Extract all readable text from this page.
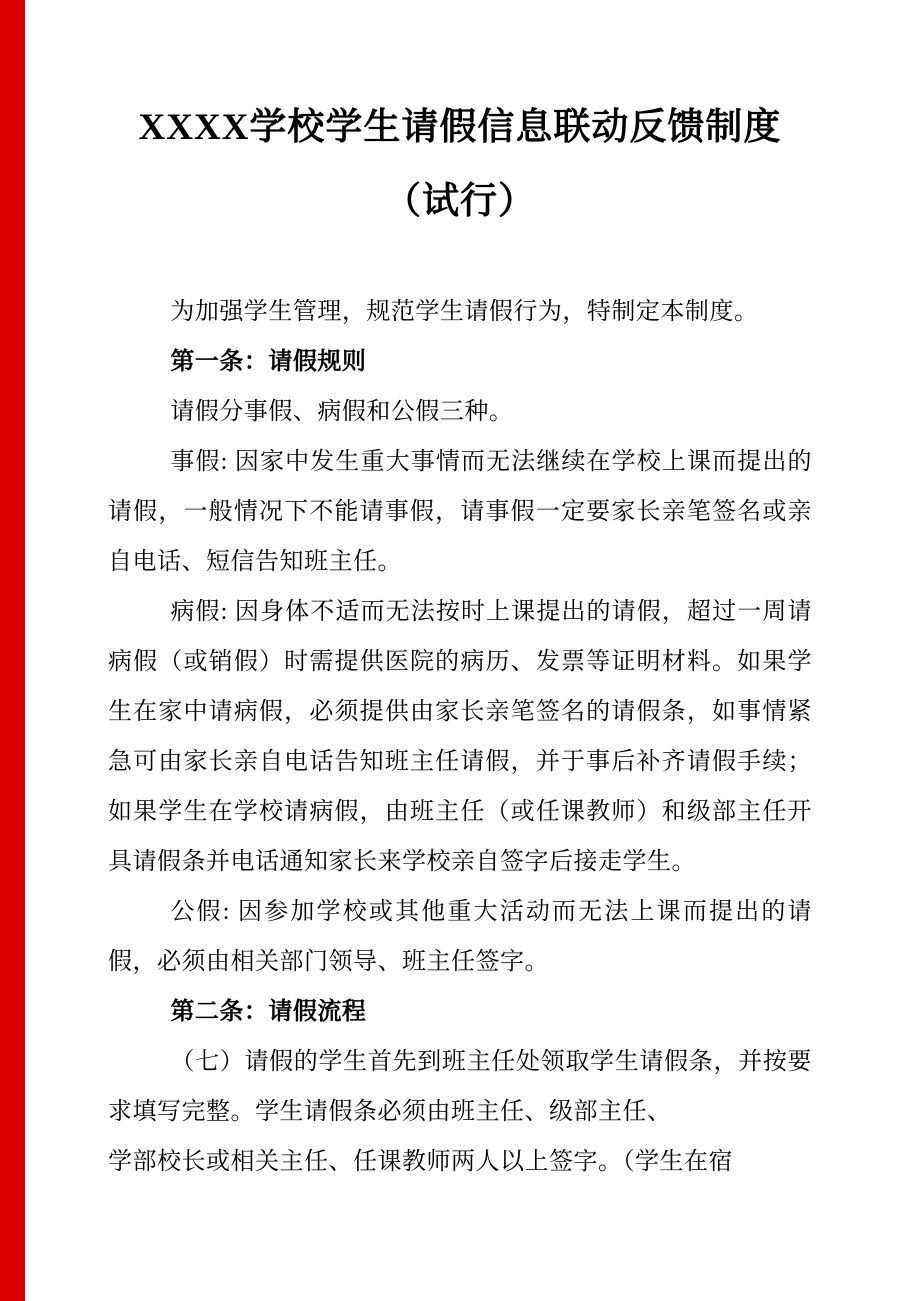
XXXX学校学生请假信息联动反馈制度
（试行）

为加强学生管理，规范学生请假行为，特制定本制度。

第一条：请假规则

请假分事假、病假和公假三种。

事假: 因家中发生重大事情而无法继续在学校上课而提出的请假，一般情况下不能请事假，请事假一定要家长亲笔签名或亲自电话、短信告知班主任。

病假: 因身体不适而无法按时上课提出的请假，超过一周请病假（或销假）时需提供医院的病历、发票等证明材料。如果学生在家中请病假，必须提供由家长亲笔签名的请假条，如事情紧急可由家长亲自电话告知班主任请假，并于事后补齐请假手续；如果学生在学校请病假，由班主任（或任课教师）和级部主任开具请假条并电话通知家长来学校亲自签字后接走学生。

公假: 因参加学校或其他重大活动而无法上课而提出的请假，必须由相关部门领导、班主任签字。

第二条：请假流程

（七）请假的学生首先到班主任处领取学生请假条，并按要求填写完整。学生请假条必须由班主任、级部主任、

学部校长或相关主任、任课教师两人以上签字。（学生在宿
